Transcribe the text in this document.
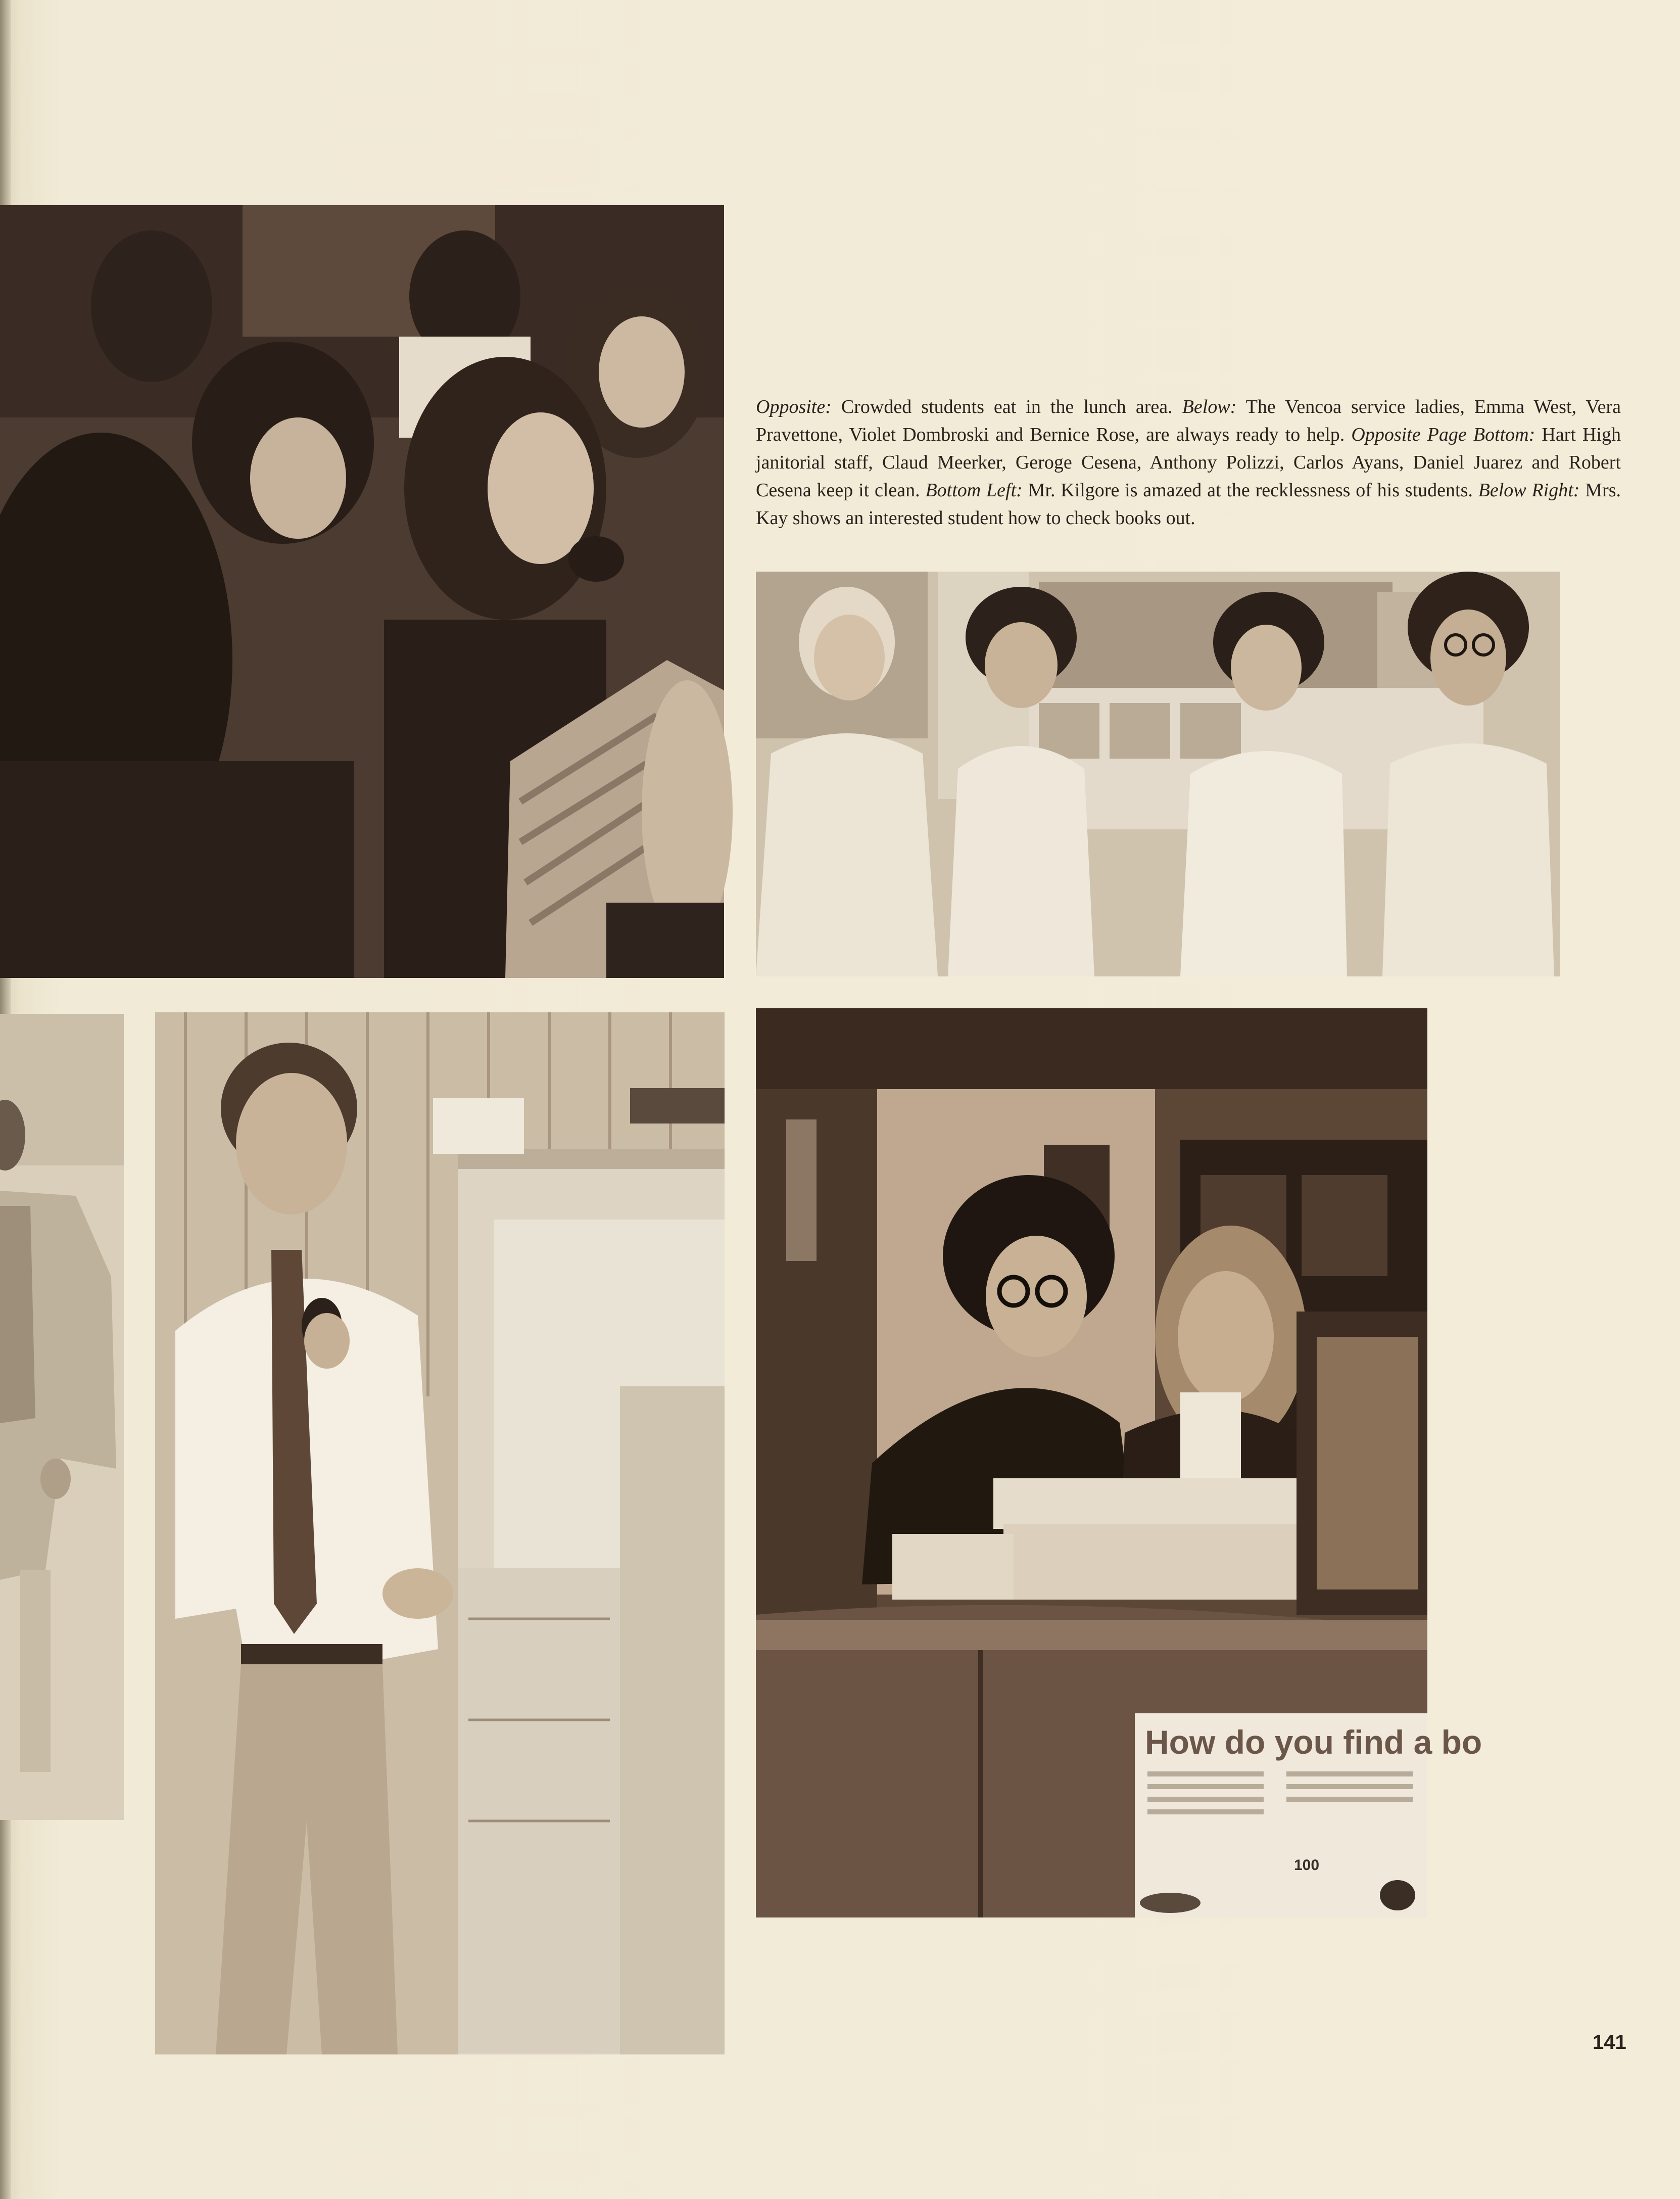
Opposite: Crowded students eat in the lunch area. Below: The Vencoa service ladies, Emma West, Vera Pravettone, Violet Dombroski and Bernice Rose, are always ready to help. Opposite Page Bottom: Hart High janitorial staff, Claud Meerker, Geroge Cesena, Anthony Polizzi, Carlos Ayans, Daniel Juarez and Robert Cesena keep it clean. Bottom Left: Mr. Kilgore is amazed at the recklessness of his students. Below Right: Mrs. Kay shows an interested student how to check books out.
How do you find a bo
100
141
